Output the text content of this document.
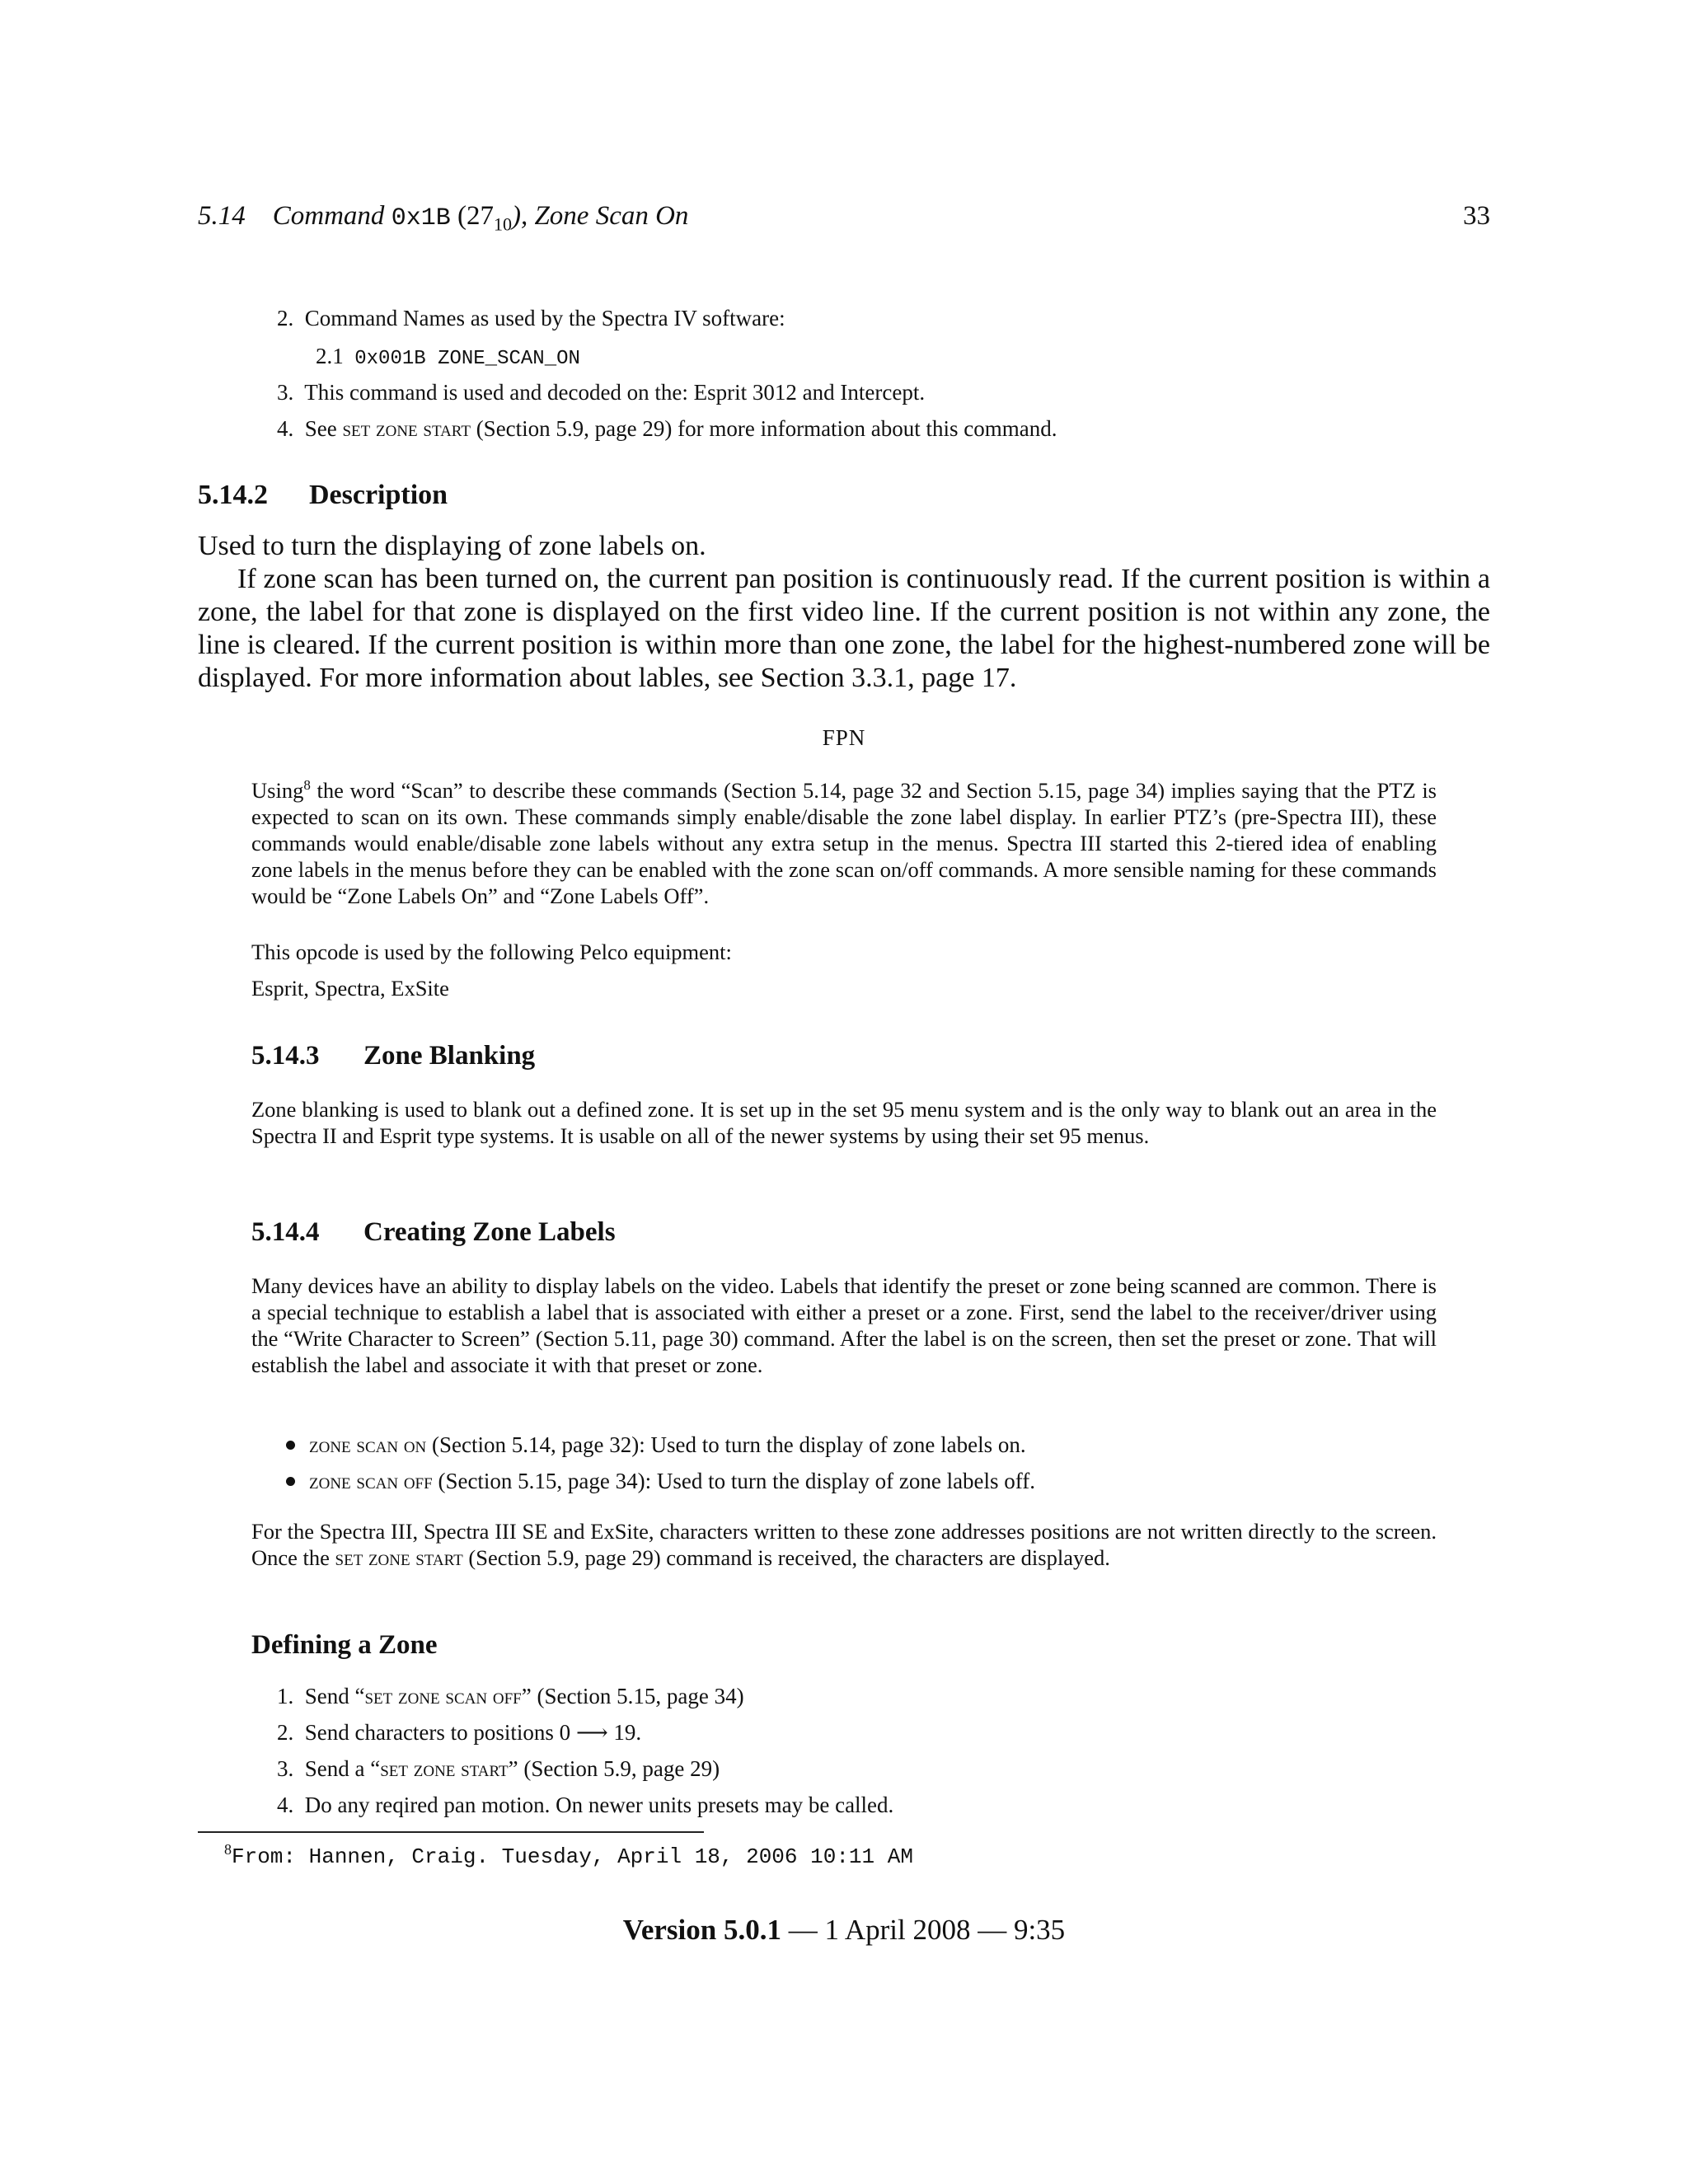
5.14 Command 0x1B $(27_{10})$, Zone Scan On	33
2. Command Names as used by the Spectra IV software:
2.1 0x001B ZONE_SCAN_ON
3. This command is used and decoded on the: Esprit 3012 and Intercept.
4. See set zone start (Section 5.9, page 29) for more information about this command.
5.14.2 Description
Used to turn the displaying of zone labels on.
If zone scan has been turned on, the current pan position is continuously read. If the current position is within a zone, the label for that zone is displayed on the first video line. If the current position is not within any zone, the line is cleared. If the current position is within more than one zone, the label for the highest-numbered zone will be displayed. For more information about lables, see Section 3.3.1, page 17.
FPN
Using$^8$ the word “Scan” to describe these commands (Section 5.14, page 32 and Section 5.15, page 34) implies saying that the PTZ is expected to scan on its own. These commands simply enable/disable the zone label display. In earlier PTZ’s (pre-Spectra III), these commands would enable/disable zone labels without any extra setup in the menus. Spectra III started this 2-tiered idea of enabling zone labels in the menus before they can be enabled with the zone scan on/off commands. A more sensible naming for these commands would be “Zone Labels On” and “Zone Labels Off”.
This opcode is used by the following Pelco equipment:
Esprit, Spectra, ExSite
5.14.3 Zone Blanking
Zone blanking is used to blank out a defined zone. It is set up in the set 95 menu system and is the only way to blank out an area in the Spectra II and Esprit type systems. It is usable on all of the newer systems by using their set 95 menus.
5.14.4 Creating Zone Labels
Many devices have an ability to display labels on the video. Labels that identify the preset or zone being scanned are common. There is a special technique to establish a label that is associated with either a preset or a zone. First, send the label to the receiver/driver using the “Write Character to Screen” (Section 5.11, page 30) command. After the label is on the screen, then set the preset or zone. That will establish the label and associate it with that preset or zone.
zone scan on (Section 5.14, page 32): Used to turn the display of zone labels on.
zone scan off (Section 5.15, page 34): Used to turn the display of zone labels off.
For the Spectra III, Spectra III SE and ExSite, characters written to these zone addresses positions are not written directly to the screen. Once the set zone start (Section 5.9, page 29) command is received, the characters are displayed.
Defining a Zone
1. Send “set zone scan off” (Section 5.15, page 34)
2. Send characters to positions 0 ⟶ 19.
3. Send a “set zone start” (Section 5.9, page 29)
4. Do any reqired pan motion. On newer units presets may be called.
$^8$From: Hannen, Craig. Tuesday, April 18, 2006 10:11 AM
Version 5.0.1 — 1 April 2008 — 9:35
